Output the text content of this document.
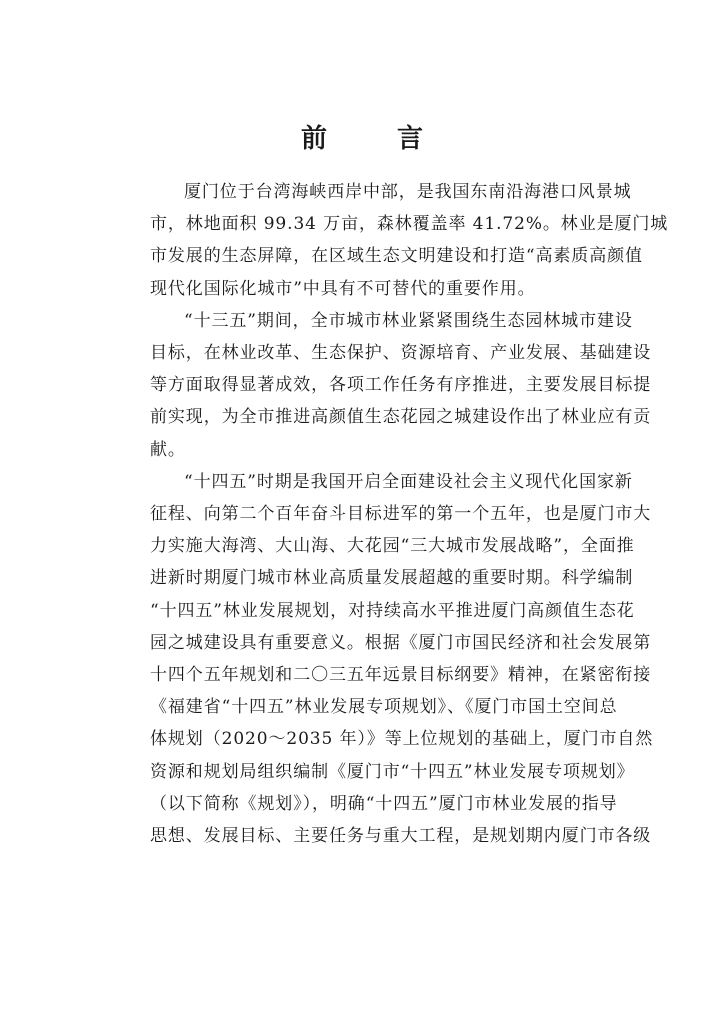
前　言
厦门位于台湾海峡西岸中部，是我国东南沿海港口风景城
市，林地面积 99.34 万亩，森林覆盖率 41.72%。林业是厦门城
市发展的生态屏障，在区域生态文明建设和打造“高素质高颜值
现代化国际化城市”中具有不可替代的重要作用。
“十三五”期间，全市城市林业紧紧围绕生态园林城市建设
目标，在林业改革、生态保护、资源培育、产业发展、基础建设
等方面取得显著成效，各项工作任务有序推进，主要发展目标提
前实现，为全市推进高颜值生态花园之城建设作出了林业应有贡
献。
“十四五”时期是我国开启全面建设社会主义现代化国家新
征程、向第二个百年奋斗目标进军的第一个五年，也是厦门市大
力实施大海湾、大山海、大花园“三大城市发展战略”，全面推
进新时期厦门城市林业高质量发展超越的重要时期。科学编制
“十四五”林业发展规划，对持续高水平推进厦门高颜值生态花
园之城建设具有重要意义。根据《厦门市国民经济和社会发展第
十四个五年规划和二〇三五年远景目标纲要》精神，在紧密衔接
《福建省“十四五”林业发展专项规划》、《厦门市国土空间总
体规划（2020～2035 年）》等上位规划的基础上，厦门市自然
资源和规划局组织编制《厦门市“十四五”林业发展专项规划》
（以下简称《规划》），明确“十四五”厦门市林业发展的指导
思想、发展目标、主要任务与重大工程，是规划期内厦门市各级
